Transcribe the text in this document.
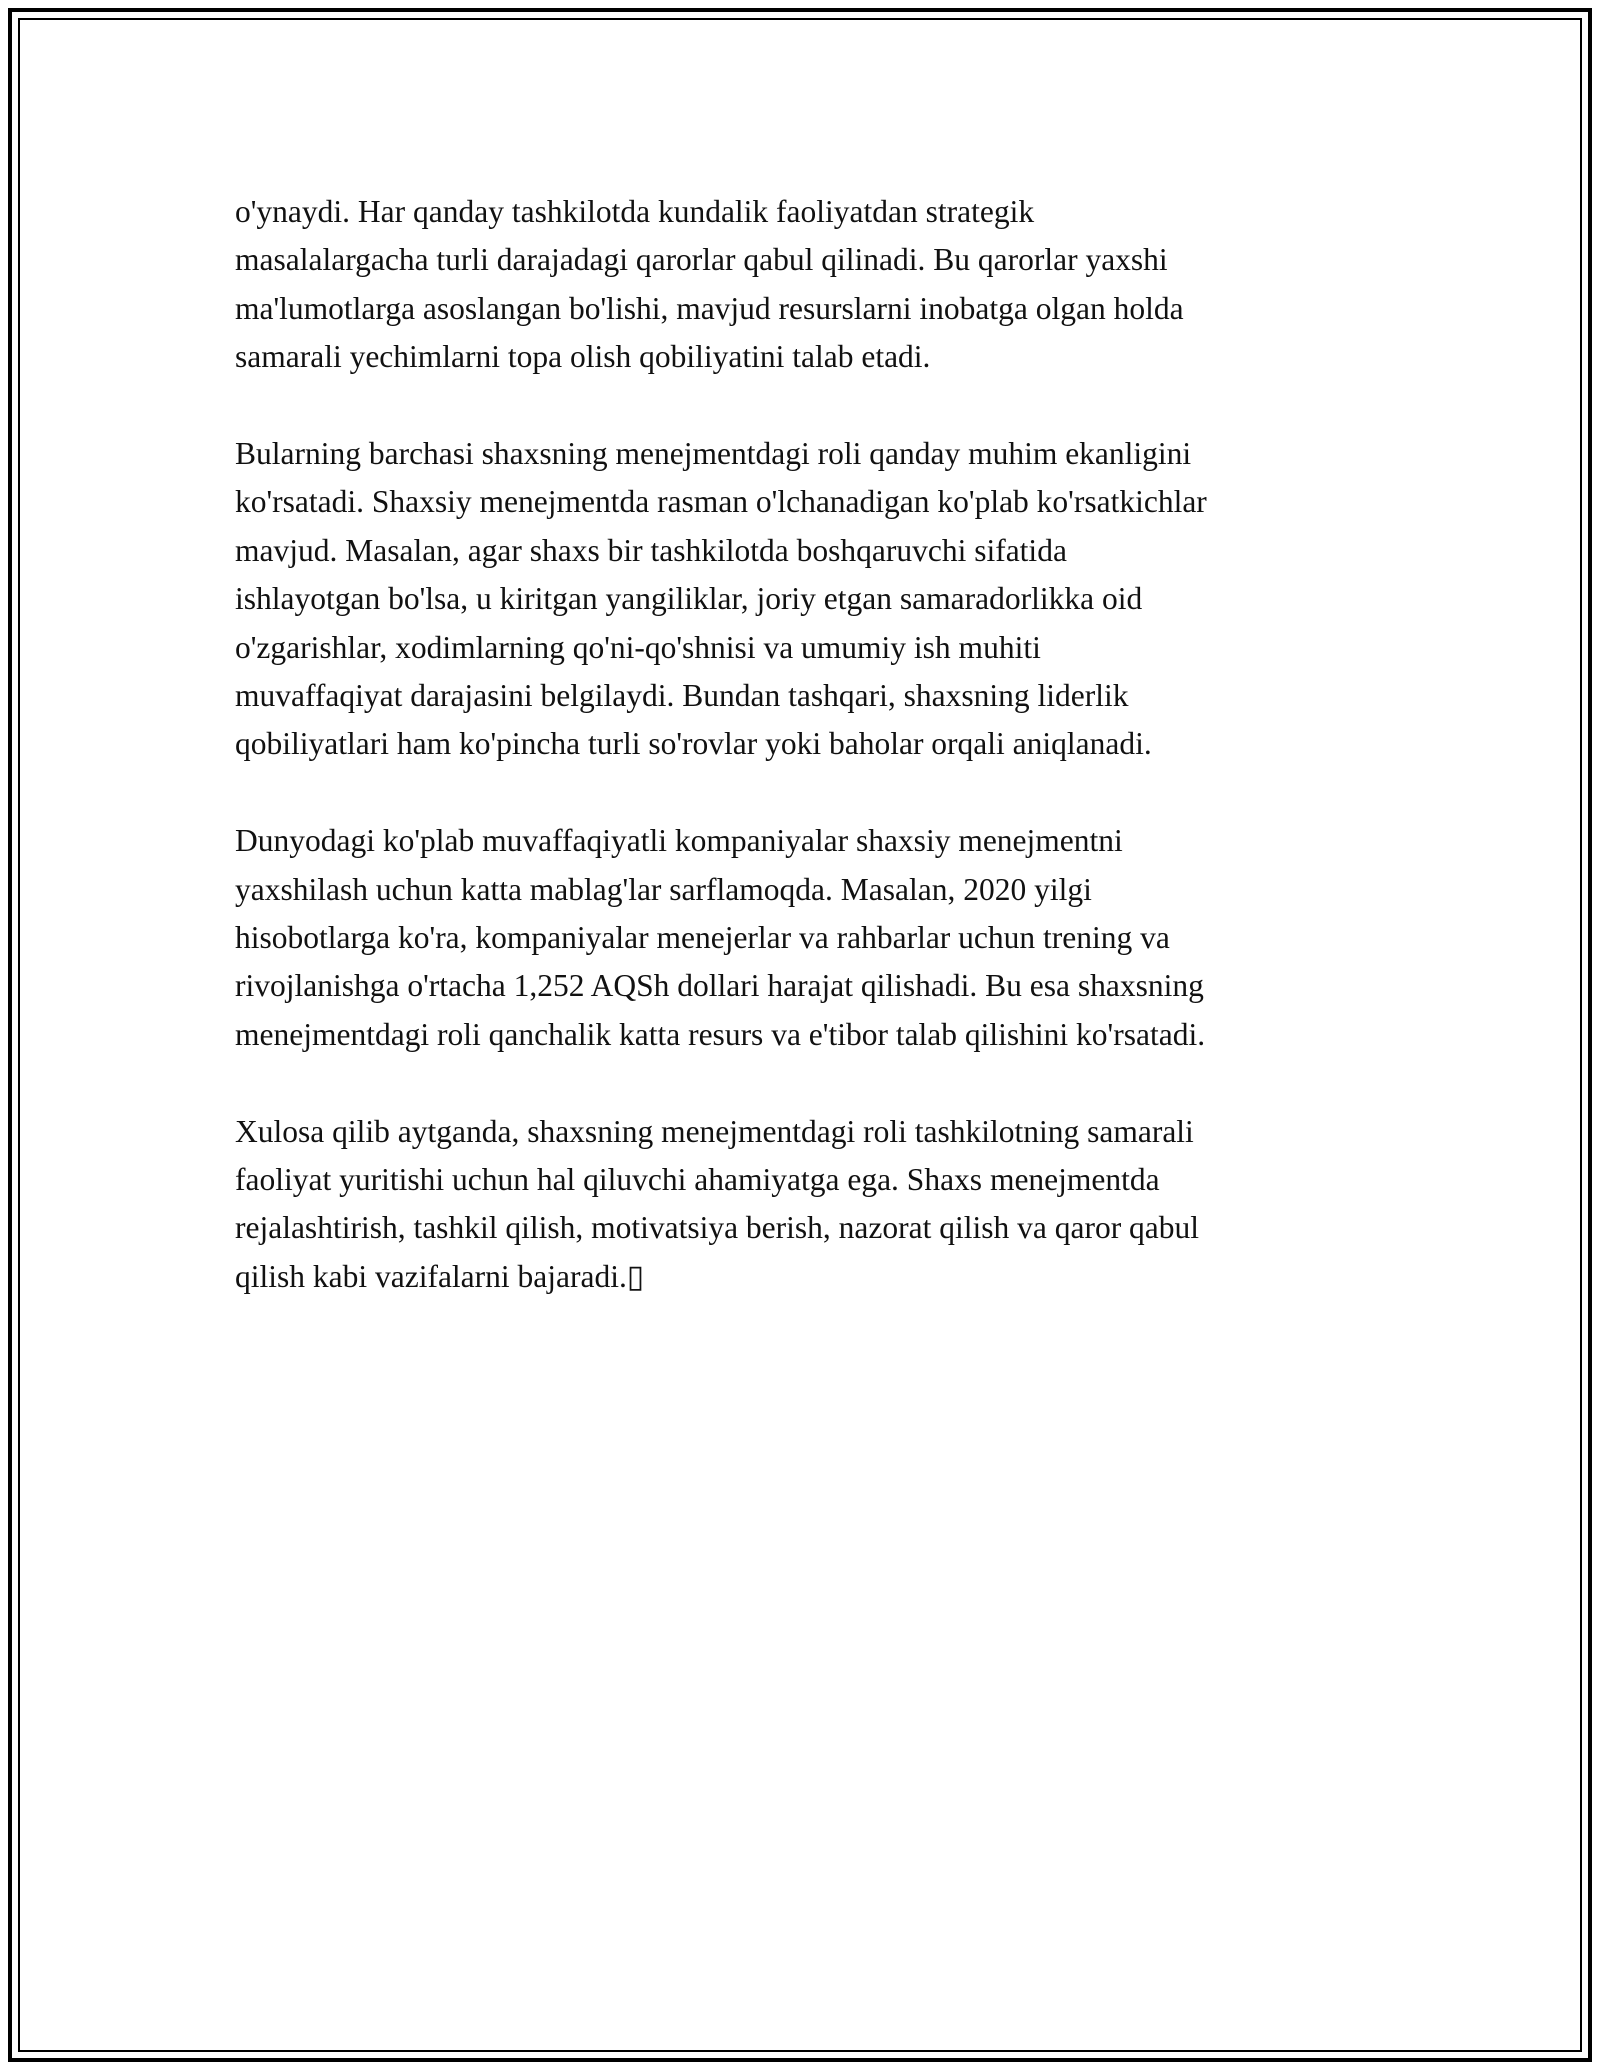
o'ynaydi. Har qanday tashkilotda kundalik faoliyatdan strategik
masalalargacha turli darajadagi qarorlar qabul qilinadi. Bu qarorlar yaxshi
ma'lumotlarga asoslangan bo'lishi, mavjud resurslarni inobatga olgan holda
samarali yechimlarni topa olish qobiliyatini talab etadi.

Bularning barchasi shaxsning menejmentdagi roli qanday muhim ekanligini
ko'rsatadi. Shaxsiy menejmentda rasman o'lchanadigan ko'plab ko'rsatkichlar
mavjud. Masalan, agar shaxs bir tashkilotda boshqaruvchi sifatida
ishlayotgan bo'lsa, u kiritgan yangiliklar, joriy etgan samaradorlikka oid
o'zgarishlar, xodimlarning qo'ni-qo'shnisi va umumiy ish muhiti
muvaffaqiyat darajasini belgilaydi. Bundan tashqari, shaxsning liderlik
qobiliyatlari ham ko'pincha turli so'rovlar yoki baholar orqali aniqlanadi.

Dunyodagi ko'plab muvaffaqiyatli kompaniyalar shaxsiy menejmentni
yaxshilash uchun katta mablag'lar sarflamoqda. Masalan, 2020 yilgi
hisobotlarga ko'ra, kompaniyalar menejerlar va rahbarlar uchun trening va
rivojlanishga o'rtacha 1,252 AQSh dollari harajat qilishadi. Bu esa shaxsning
menejmentdagi roli qanchalik katta resurs va e'tibor talab qilishini ko'rsatadi.

Xulosa qilib aytganda, shaxsning menejmentdagi roli tashkilotning samarali
faoliyat yuritishi uchun hal qiluvchi ahamiyatga ega. Shaxs menejmentda
rejalashtirish, tashkil qilish, motivatsiya berish, nazorat qilish va qaror qabul
qilish kabi vazifalarni bajaradi.▯
